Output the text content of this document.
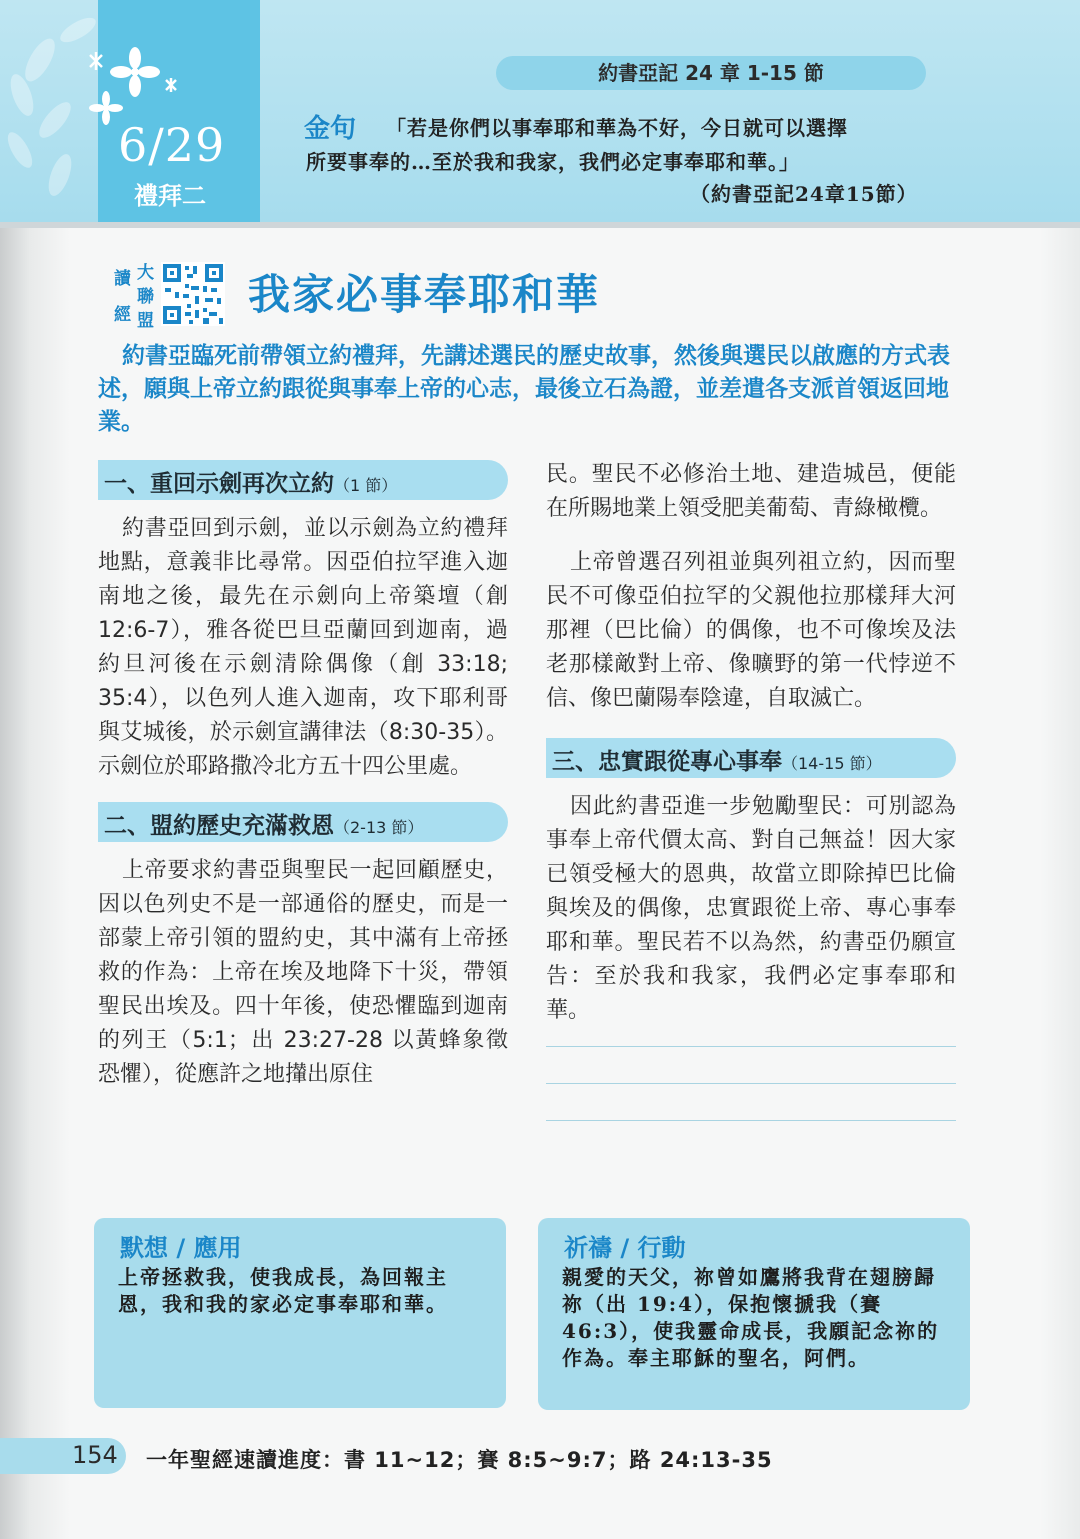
6/29
禮拜二
約書亞記 24 章 1-15 節
金句 「若是你們以事奉耶和華為不好，今日就可以選擇
所要事奉的…至於我和我家，我們必定事奉耶和華。」
（約書亞記24章15節）
讀
經
大
聯
盟
我家必事奉耶和華
約書亞臨死前帶領立約禮拜，先講述選民的歷史故事，然後與選民以啟應的方式表述，願與上帝立約跟從與事奉上帝的心志，最後立石為證，並差遣各支派首領返回地業。
一、重回示劍再次立約（1 節）

約書亞回到示劍，並以示劍為立約禮拜地點，意義非比尋常。因亞伯拉罕進入迦南地之後，最先在示劍向上帝築壇（創 12:6-7），雅各從巴旦亞蘭回到迦南，過約旦河後在示劍清除偶像（創 33:18; 35:4），以色列人進入迦南，攻下耶利哥與艾城後，於示劍宣講律法（8:30-35）。示劍位於耶路撒冷北方五十四公里處。

二、盟約歷史充滿救恩（2-13 節）

上帝要求約書亞與聖民一起回顧歷史，因以色列史不是一部通俗的歷史，而是一部蒙上帝引領的盟約史，其中滿有上帝拯救的作為：上帝在埃及地降下十災，帶領聖民出埃及。四十年後，使恐懼臨到迦南的列王（5:1；出 23:27-28 以黃蜂象徵恐懼），從應許之地攆出原住

民。聖民不必修治土地、建造城邑，便能在所賜地業上領受肥美葡萄、青綠橄欖。

上帝曾選召列祖並與列祖立約，因而聖民不可像亞伯拉罕的父親他拉那樣拜大河那裡（巴比倫）的偶像，也不可像埃及法老那樣敵對上帝、像曠野的第一代悖逆不信、像巴蘭陽奉陰違，自取滅亡。

三、忠實跟從專心事奉（14-15 節）

因此約書亞進一步勉勵聖民：可別認為事奉上帝代價太高、對自己無益！因大家已領受極大的恩典，故當立即除掉巴比倫與埃及的偶像，忠實跟從上帝、專心事奉耶和華。聖民若不以為然，約書亞仍願宣告：至於我和我家，我們必定事奉耶和華。

默想 / 應用
上帝拯救我，使我成長，為回報主恩，我和我的家必定事奉耶和華。
祈禱 / 行動
親愛的天父，祢曾如鷹將我背在翅膀歸祢（出 19:4），保抱懷搋我（賽 46:3），使我靈命成長，我願記念祢的作為。奉主耶穌的聖名，阿們。
154 一年聖經速讀進度：書 11~12；賽 8:5~9:7；路 24:13-35
